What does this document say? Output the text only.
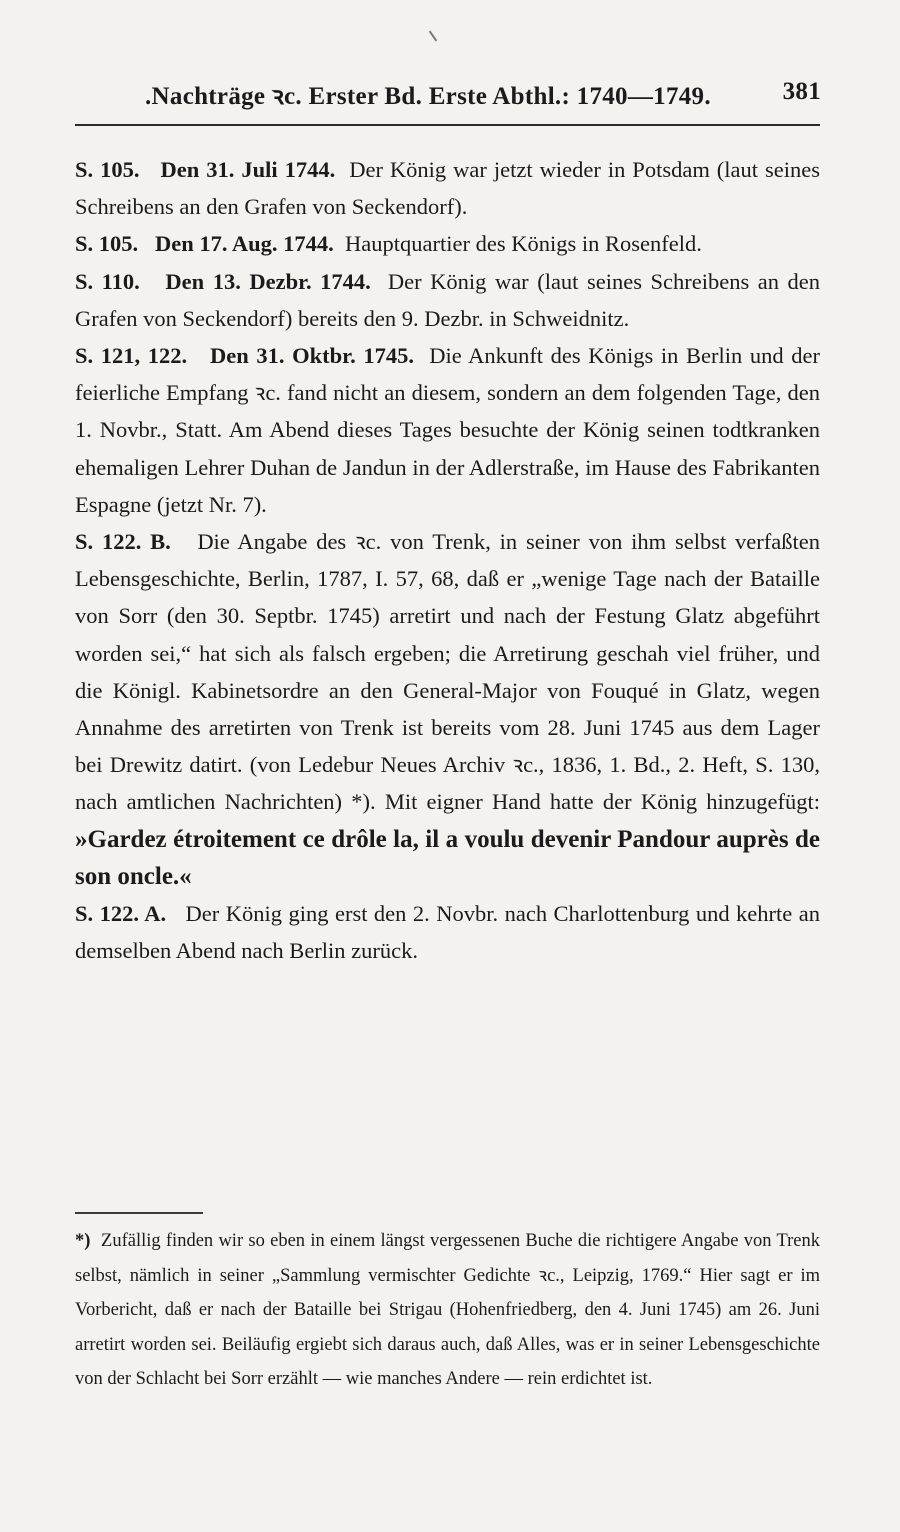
.Nachträge ꝛc. Erster Bd. Erste Abthl.: 1740—1749.	381

S. 105. Den 31. Juli 1744. Der König war jetzt wieder in Potsdam (laut seines Schreibens an den Grafen von Seckendorf).

S. 105. Den 17. Aug. 1744. Hauptquartier des Königs in Rosenfeld.

S. 110. Den 13. Dezbr. 1744. Der König war (laut seines Schreibens an den Grafen von Seckendorf) bereits den 9. Dezbr. in Schweidnitz.

S. 121, 122. Den 31. Oktbr. 1745. Die Ankunft des Königs in Berlin und der feierliche Empfang ꝛc. fand nicht an diesem, sondern an dem folgenden Tage, den 1. Novbr., Statt. Am Abend dieses Tages besuchte der König seinen todtkranken ehemaligen Lehrer Duhan de Jandun in der Adlerstraße, im Hause des Fabrikanten Espagne (jetzt Nr. 7).

S. 122. B. Die Angabe des ꝛc. von Trenk, in seiner von ihm selbst verfaßten Lebensgeschichte, Berlin, 1787, I. 57, 68, daß er „wenige Tage nach der Bataille von Sorr (den 30. Septbr. 1745) arretirt und nach der Festung Glatz abgeführt worden sei,“ hat sich als falsch ergeben; die Arretirung geschah viel früher, und die Königl. Kabinetsordre an den General-Major von Fouqué in Glatz, wegen Annahme des arretirten von Trenk ist bereits vom 28. Juni 1745 aus dem Lager bei Drewitz datirt. (von Ledebur Neues Archiv ꝛc., 1836, 1. Bd., 2. Heft, S. 130, nach amtlichen Nachrichten) *). Mit eigner Hand hatte der König hinzugefügt: »Gardez étroitement ce drôle la, il a voulu devenir Pandour auprès de son oncle.«

S. 122. A. Der König ging erst den 2. Novbr. nach Charlottenburg und kehrte an demselben Abend nach Berlin zurück.

*) Zufällig finden wir so eben in einem längst vergessenen Buche die richtigere Angabe von Trenk selbst, nämlich in seiner „Sammlung vermischter Gedichte ꝛc., Leipzig, 1769.“ Hier sagt er im Vorbericht, daß er nach der Bataille bei Strigau (Hohenfriedberg, den 4. Juni 1745) am 26. Juni arretirt worden sei. Beiläufig ergiebt sich daraus auch, daß Alles, was er in seiner Lebensgeschichte von der Schlacht bei Sorr erzählt — wie manches Andere — rein erdichtet ist.
